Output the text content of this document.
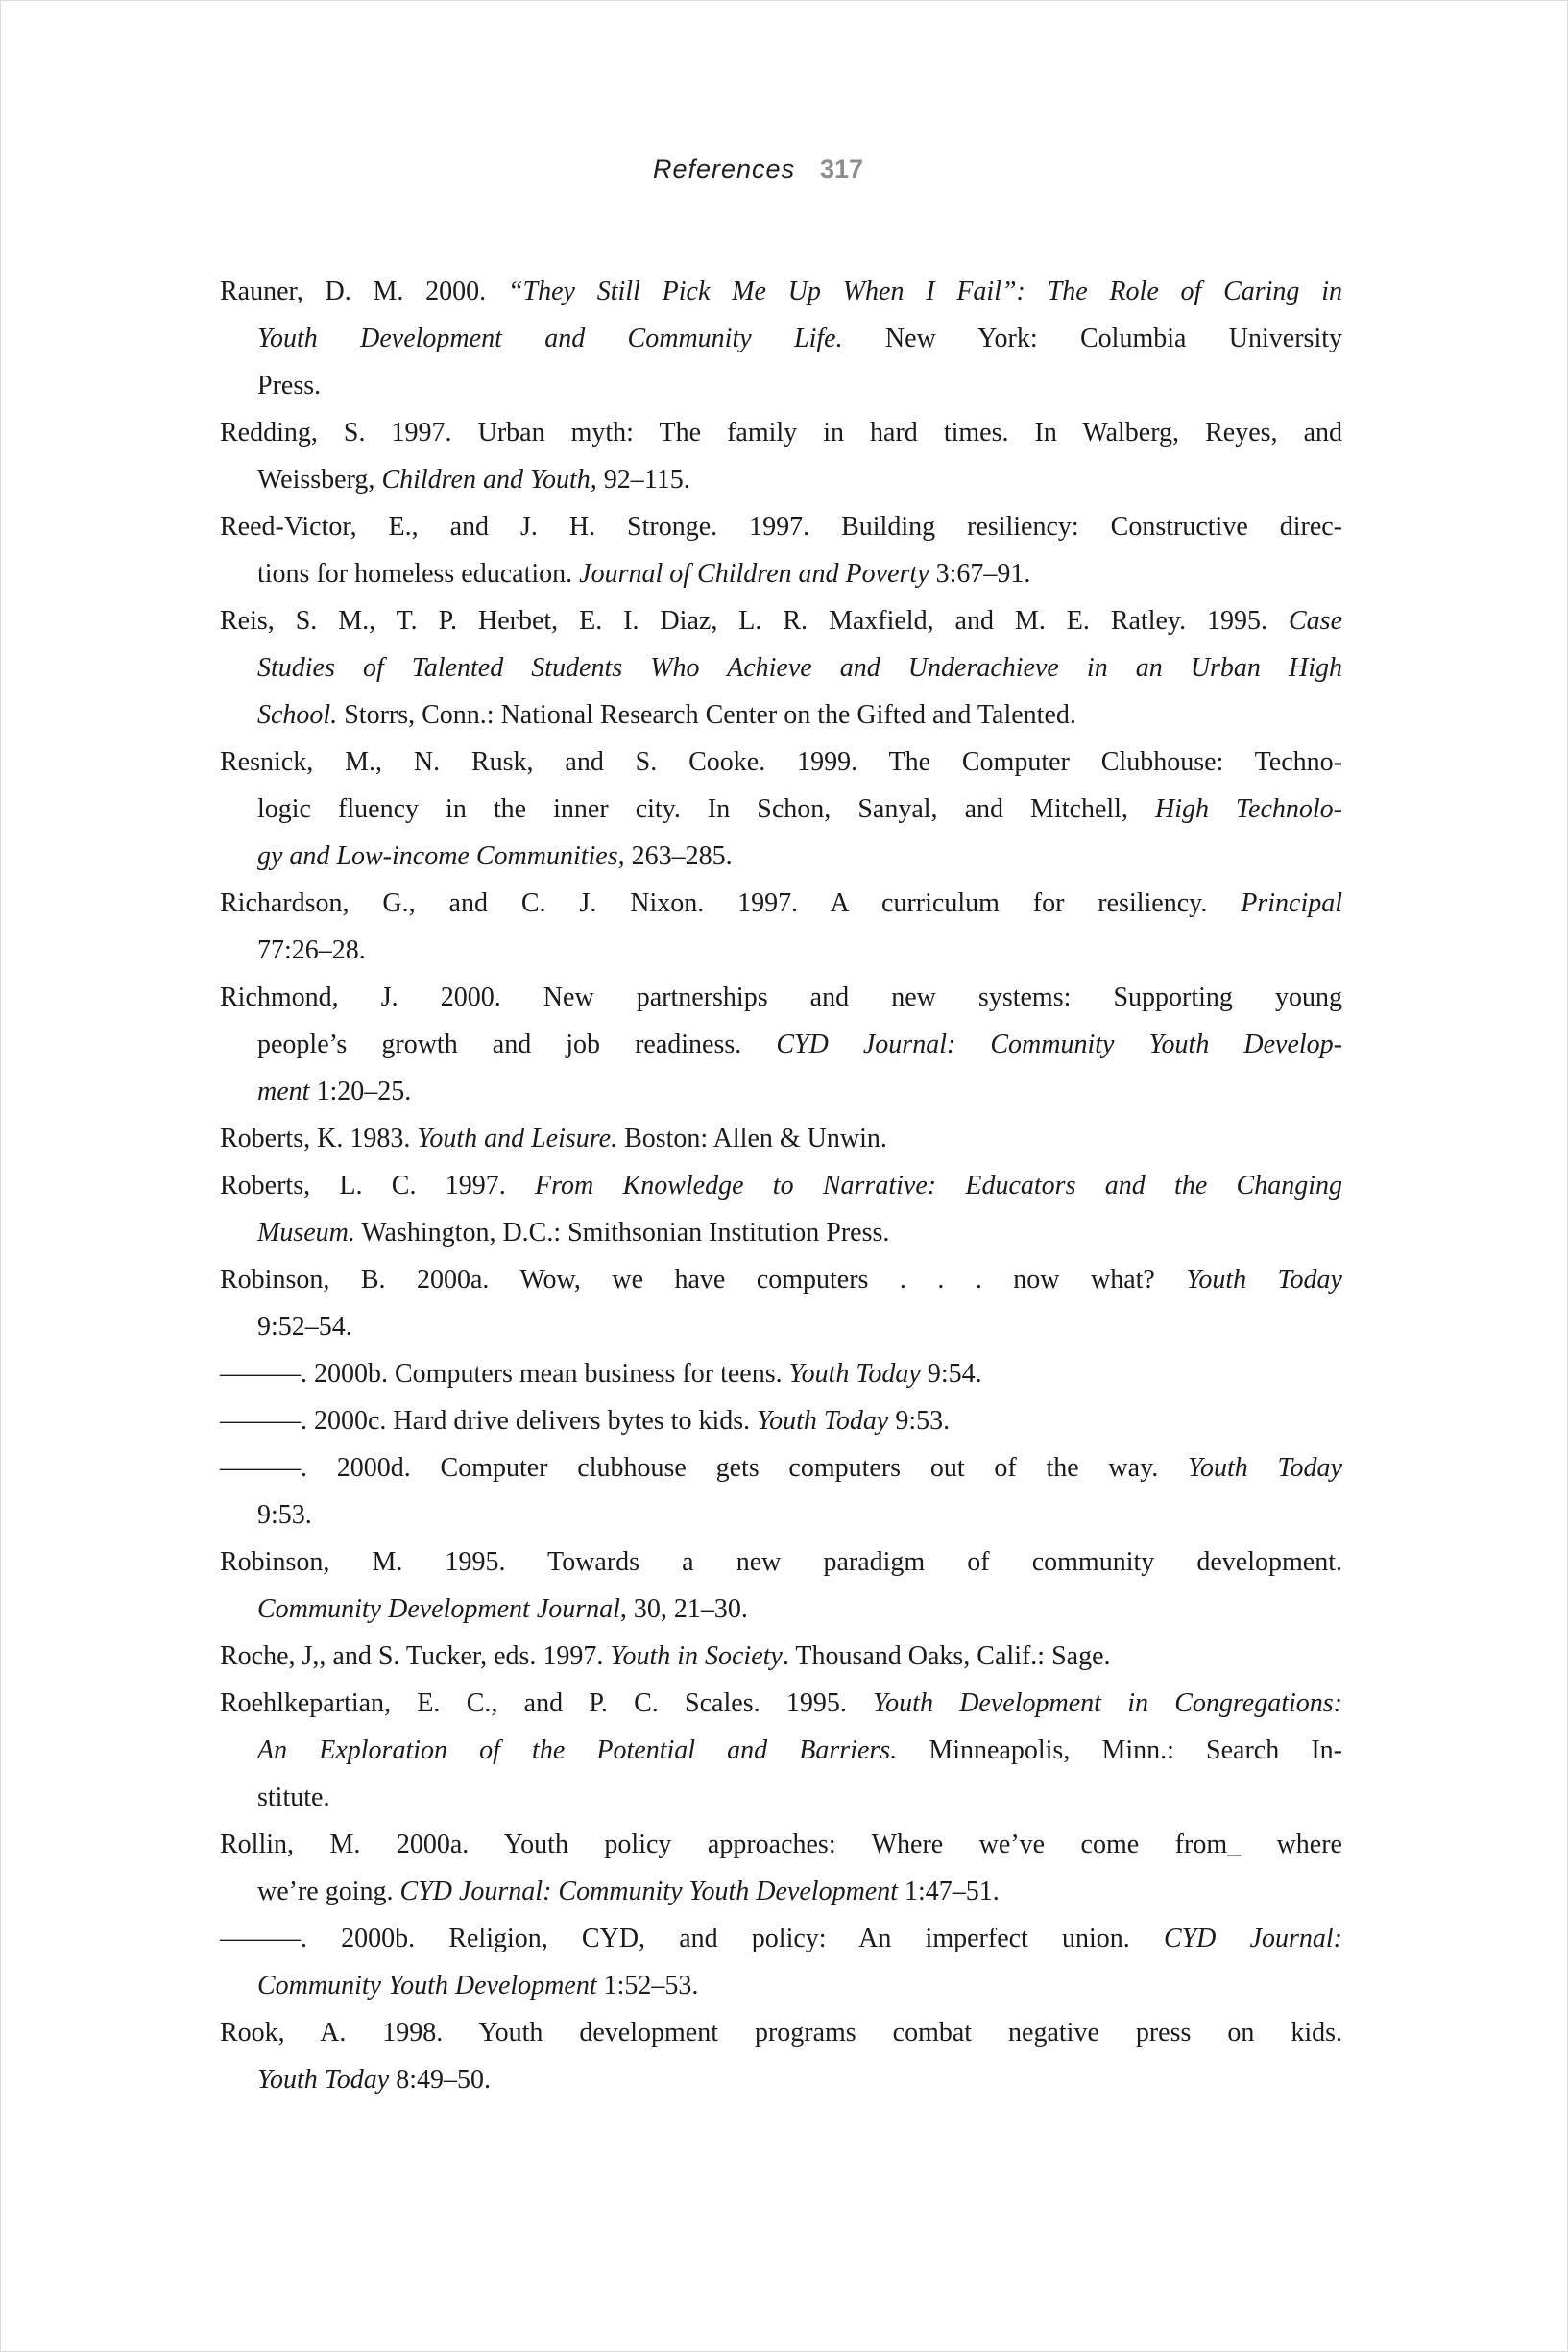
References 317
Rauner, D. M. 2000. “They Still Pick Me Up When I Fail”: The Role of Caring in
Youth Development and Community Life. New York: Columbia University
Press.
Redding, S. 1997. Urban myth: The family in hard times. In Walberg, Reyes, and
Weissberg, Children and Youth, 92–115.
Reed-Victor, E., and J. H. Stronge. 1997. Building resiliency: Constructive direc-
tions for homeless education. Journal of Children and Poverty 3:67–91.
Reis, S. M., T. P. Herbet, E. I. Diaz, L. R. Maxfield, and M. E. Ratley. 1995. Case
Studies of Talented Students Who Achieve and Underachieve in an Urban High
School. Storrs, Conn.: National Research Center on the Gifted and Talented.
Resnick, M., N. Rusk, and S. Cooke. 1999. The Computer Clubhouse: Techno-
logic fluency in the inner city. In Schon, Sanyal, and Mitchell, High Technolo-
gy and Low-income Communities, 263–285.
Richardson, G., and C. J. Nixon. 1997. A curriculum for resiliency. Principal
77:26–28.
Richmond, J. 2000. New partnerships and new systems: Supporting young
people’s growth and job readiness. CYD Journal: Community Youth Develop-
ment 1:20–25.
Roberts, K. 1983. Youth and Leisure. Boston: Allen & Unwin.
Roberts, L. C. 1997. From Knowledge to Narrative: Educators and the Changing
Museum. Washington, D.C.: Smithsonian Institution Press.
Robinson, B. 2000a. Wow, we have computers . . . now what? Youth Today
9:52–54.
———. 2000b. Computers mean business for teens. Youth Today 9:54.
———. 2000c. Hard drive delivers bytes to kids. Youth Today 9:53.
———. 2000d. Computer clubhouse gets computers out of the way. Youth Today
9:53.
Robinson, M. 1995. Towards a new paradigm of community development.
Community Development Journal, 30, 21–30.
Roche, J,, and S. Tucker, eds. 1997. Youth in Society. Thousand Oaks, Calif.: Sage.
Roehlkepartian, E. C., and P. C. Scales. 1995. Youth Development in Congregations:
An Exploration of the Potential and Barriers. Minneapolis, Minn.: Search In-
stitute.
Rollin, M. 2000a. Youth policy approaches: Where we’ve come from_ where
we’re going. CYD Journal: Community Youth Development 1:47–51.
———. 2000b. Religion, CYD, and policy: An imperfect union. CYD Journal:
Community Youth Development 1:52–53.
Rook, A. 1998. Youth development programs combat negative press on kids.
Youth Today 8:49–50.
